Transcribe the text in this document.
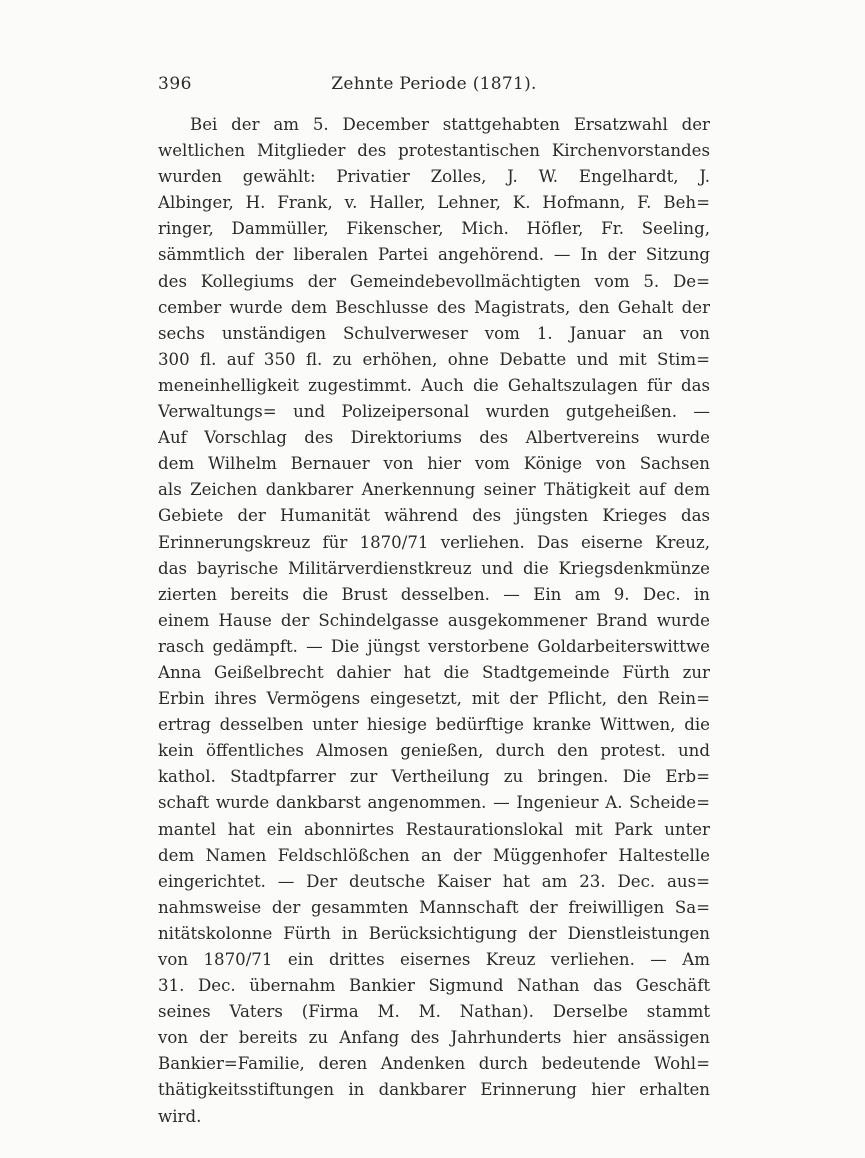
396	Zehnte Periode (1871).
Bei der am 5. December stattgehabten Ersatzwahl der
weltlichen Mitglieder des protestantischen Kirchenvorstandes
wurden gewählt: Privatier Zolles, J. W. Engelhardt, J.
Albinger, H. Frank, v. Haller, Lehner, K. Hofmann, F. Beh=
ringer, Dammüller, Fikenscher, Mich. Höfler, Fr. Seeling,
sämmtlich der liberalen Partei angehörend. — In der Sitzung
des Kollegiums der Gemeindebevollmächtigten vom 5. De=
cember wurde dem Beschlusse des Magistrats, den Gehalt der
sechs unständigen Schulverweser vom 1. Januar an von
300 fl. auf 350 fl. zu erhöhen, ohne Debatte und mit Stim=
meneinhelligkeit zugestimmt. Auch die Gehaltszulagen für das
Verwaltungs= und Polizeipersonal wurden gutgeheißen. —
Auf Vorschlag des Direktoriums des Albertvereins wurde
dem Wilhelm Bernauer von hier vom Könige von Sachsen
als Zeichen dankbarer Anerkennung seiner Thätigkeit auf dem
Gebiete der Humanität während des jüngsten Krieges das
Erinnerungskreuz für 1870/71 verliehen. Das eiserne Kreuz,
das bayrische Militärverdienstkreuz und die Kriegsdenkmünze
zierten bereits die Brust desselben. — Ein am 9. Dec. in
einem Hause der Schindelgasse ausgekommener Brand wurde
rasch gedämpft. — Die jüngst verstorbene Goldarbeiterswittwe
Anna Geißelbrecht dahier hat die Stadtgemeinde Fürth zur
Erbin ihres Vermögens eingesetzt, mit der Pflicht, den Rein=
ertrag desselben unter hiesige bedürftige kranke Wittwen, die
kein öffentliches Almosen genießen, durch den protest. und
kathol. Stadtpfarrer zur Vertheilung zu bringen. Die Erb=
schaft wurde dankbarst angenommen. — Ingenieur A. Scheide=
mantel hat ein abonnirtes Restaurationslokal mit Park unter
dem Namen Feldschlößchen an der Müggenhofer Haltestelle
eingerichtet. — Der deutsche Kaiser hat am 23. Dec. aus=
nahmsweise der gesammten Mannschaft der freiwilligen Sa=
nitätskolonne Fürth in Berücksichtigung der Dienstleistungen
von 1870/71 ein drittes eisernes Kreuz verliehen. — Am
31. Dec. übernahm Bankier Sigmund Nathan das Geschäft
seines Vaters (Firma M. M. Nathan). Derselbe stammt
von der bereits zu Anfang des Jahrhunderts hier ansässigen
Bankier=Familie, deren Andenken durch bedeutende Wohl=
thätigkeitsstiftungen in dankbarer Erinnerung hier erhalten
wird.
